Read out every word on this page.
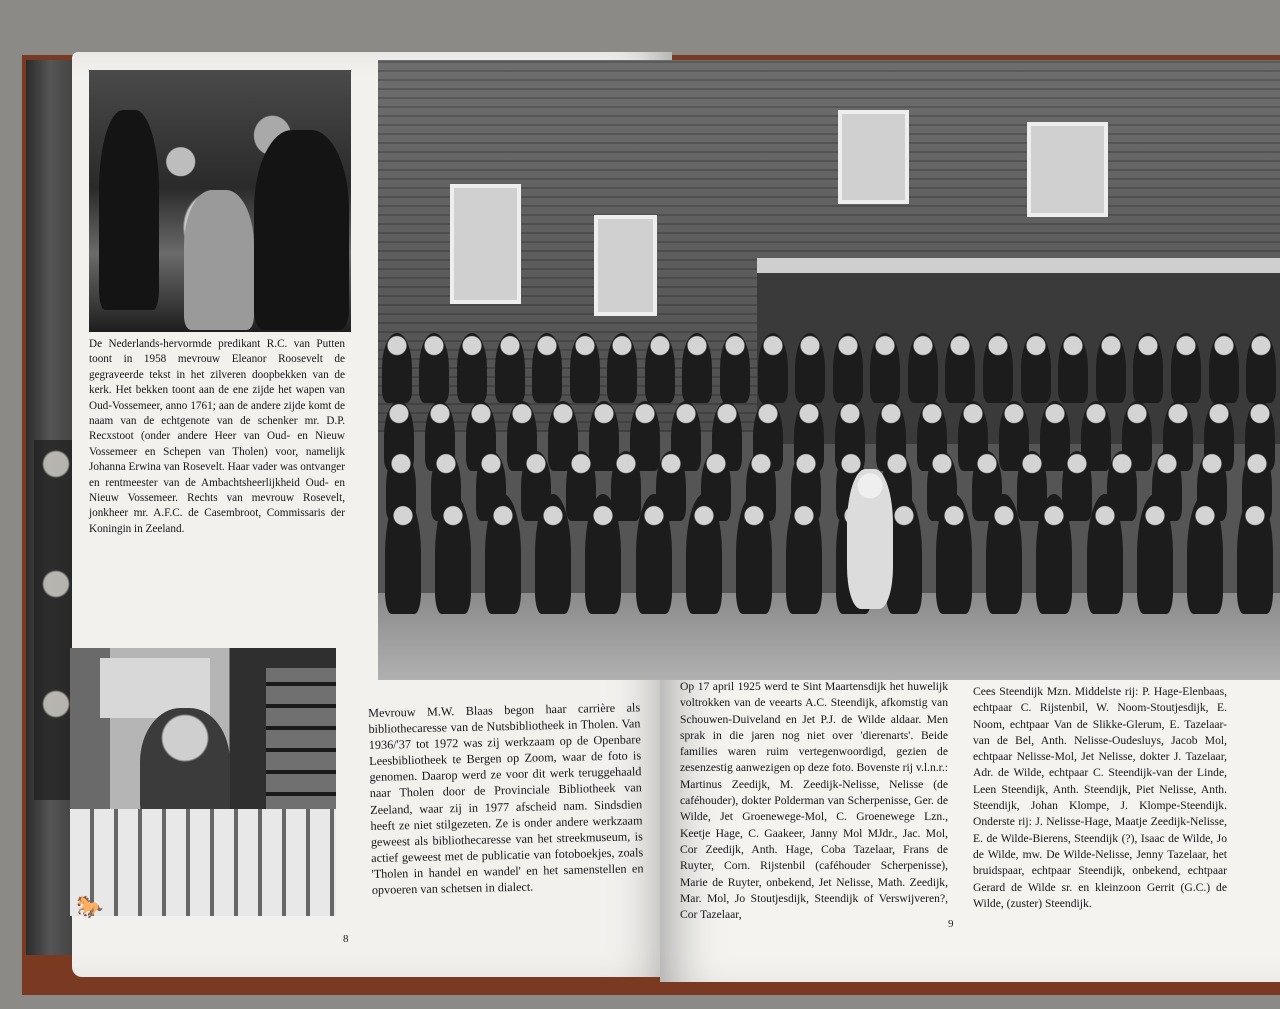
🐎
De Nederlands-hervormde predikant R.C. van Putten toont in 1958 mevrouw Eleanor Roosevelt de gegraveerde tekst in het zilveren doopbekken van de kerk. Het bekken toont aan de ene zijde het wapen van Oud-Vossemeer, anno 1761; aan de andere zijde komt de naam van de echtgenote van de schenker mr. D.P. Recxstoot (onder andere Heer van Oud- en Nieuw Vossemeer en Schepen van Tholen) voor, namelijk Johanna Erwina van Rosevelt. Haar vader was ontvanger en rentmeester van de Ambachtsheerlijkheid Oud- en Nieuw Vossemeer. Rechts van mevrouw Rosevelt, jonkheer mr. A.F.C. de Casembroot, Commissaris der Koningin in Zeeland.
Mevrouw M.W. Blaas begon haar carrière als bibliothecaresse van de Nutsbibliotheek in Tholen. Van 1936/'37 tot 1972 was zij werkzaam op de Openbare Leesbibliotheek te Bergen op Zoom, waar de foto is genomen. Daarop werd ze voor dit werk teruggehaald naar Tholen door de Provinciale Bibliotheek van Zeeland, waar zij in 1977 afscheid nam. Sindsdien heeft ze niet stilgezeten. Ze is onder andere werkzaam geweest als bibliothecaresse van het streekmuseum, is actief geweest met de publicatie van fotoboekjes, zoals 'Tholen in handel en wandel' en het samenstellen en opvoeren van schetsen in dialect.
Op 17 april 1925 werd te Sint Maartensdijk het huwelijk voltrokken van de veearts A.C. Steendijk, afkomstig van Schouwen-Duiveland en Jet P.J. de Wilde aldaar. Men sprak in die jaren nog niet over 'dierenarts'. Beide families waren ruim vertegenwoordigd, gezien de zesenzestig aanwezigen op deze foto. Bovenste rij v.l.n.r.: Martinus Zeedijk, M. Zeedijk-Nelisse, Nelisse (de caféhouder), dokter Polderman van Scherpenisse, Ger. de Wilde, Jet Groenewege-Mol, C. Groenewege Lzn., Keetje Hage, C. Gaakeer, Janny Mol MJdr., Jac. Mol, Cor Zeedijk, Anth. Hage, Coba Tazelaar, Frans de Ruyter, Corn. Rijstenbil (caféhouder Scherpenisse), Marie de Ruyter, onbekend, Jet Nelisse, Math. Zeedijk, Mar. Mol, Jo Stoutjesdijk, Steendijk of Verswijveren?, Cor Tazelaar,
Cees Steendijk Mzn. Middelste rij: P. Hage-Elenbaas, echtpaar C. Rijstenbil, W. Noom-Stoutjesdijk, E. Noom, echtpaar Van de Slikke-Glerum, E. Tazelaar-van de Bel, Anth. Nelisse-Oudesluys, Jacob Mol, echtpaar Nelisse-Mol, Jet Nelisse, dokter J. Tazelaar, Adr. de Wilde, echtpaar C. Steendijk-van der Linde, Leen Steendijk, Anth. Steendijk, Piet Nelisse, Anth. Steendijk, Johan Klompe, J. Klompe-Steendijk. Onderste rij: J. Nelisse-Hage, Maatje Zeedijk-Nelisse, E. de Wilde-Bierens, Steendijk (?), Isaac de Wilde, Jo de Wilde, mw. De Wilde-Nelisse, Jenny Tazelaar, het bruidspaar, echtpaar Steendijk, onbekend, echtpaar Gerard de Wilde sr. en kleinzoon Gerrit (G.C.) de Wilde, (zuster) Steendijk.
8
9
